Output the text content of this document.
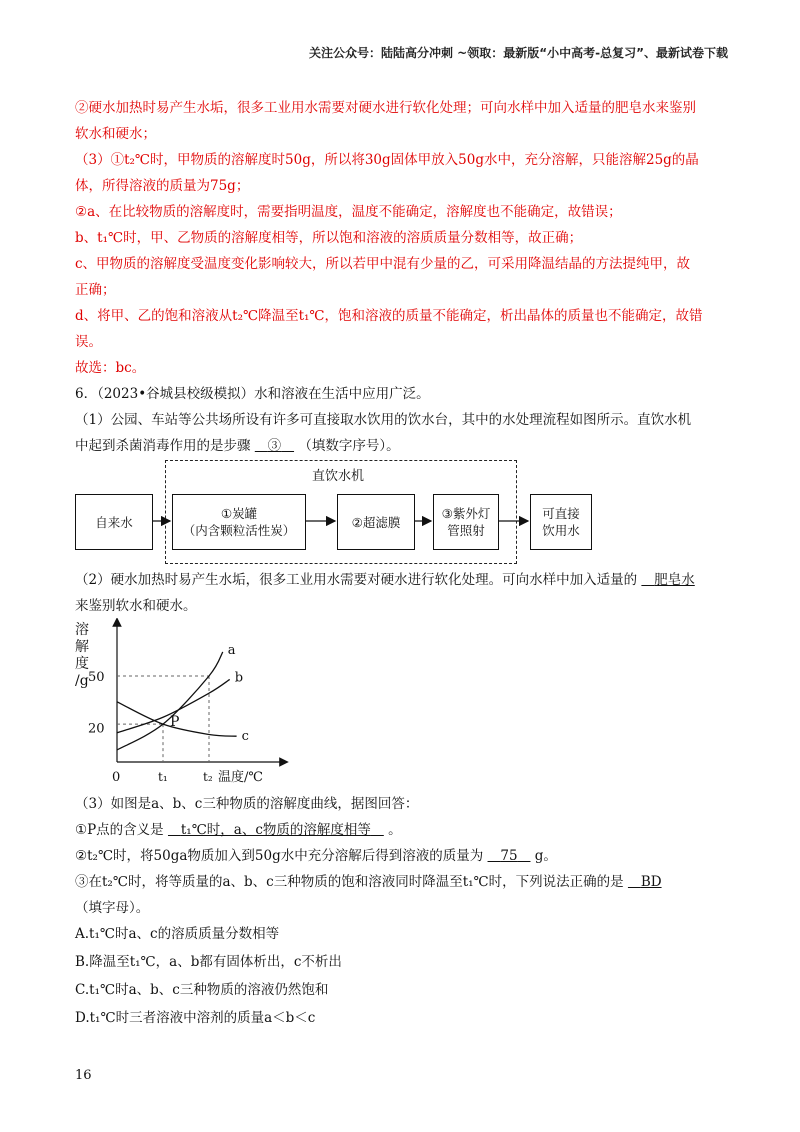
关注公众号：陆陆高分冲刺 ~领取：最新版“小中高考-总复习”、最新试卷下载
②硬水加热时易产生水垢，很多工业用水需要对硬水进行软化处理；可向水样中加入适量的肥皂水来鉴别
软水和硬水；
（3）①t₂℃时，甲物质的溶解度时50g，所以将30g固体甲放入50g水中，充分溶解，只能溶解25g的晶
体，所得溶液的质量为75g；
②a、在比较物质的溶解度时，需要指明温度，温度不能确定，溶解度也不能确定，故错误；
b、t₁℃时，甲、乙物质的溶解度相等，所以饱和溶液的溶质质量分数相等，故正确；
c、甲物质的溶解度受温度变化影响较大，所以若甲中混有少量的乙，可采用降温结晶的方法提纯甲，故
正确；
d、将甲、乙的饱和溶液从t₂℃降温至t₁℃，饱和溶液的质量不能确定，析出晶体的质量也不能确定，故错
误。
故选：bc。
6．（2023•谷城县校级模拟）水和溶液在生活中应用广泛。
（1）公园、车站等公共场所设有许多可直接取水饮用的饮水台，其中的水处理流程如图所示。直饮水机
中起到杀菌消毒作用的是步骤 ③ （填数字序号）。
直饮水机
自来水
①炭罐
（内含颗粒活性炭）
②超滤膜
③紫外灯
管照射
可直接
饮用水
（2）硬水加热时易产生水垢，很多工业用水需要对硬水进行软化处理。可向水样中加入适量的 肥皂水
来鉴别软水和硬水。
溶
解
度
/g 50
20
0	t₁	t₂ 温度/℃
a
b
c
P
（3）如图是a、b、c三种物质的溶解度曲线，据图回答：
①P点的含义是 t₁℃时，a、c物质的溶解度相等 。
②t₂℃时，将50ga物质加入到50g水中充分溶解后得到溶液的质量为 75 g。
③在t₂℃时，将等质量的a、b、c三种物质的饱和溶液同时降温至t₁℃时，下列说法正确的是 BD
（填字母）。
A.t₁℃时a、c的溶质质量分数相等
B.降温至t₁℃，a、b都有固体析出，c不析出
C.t₁℃时a、b、c三种物质的溶液仍然饱和
D.t₁℃时三者溶液中溶剂的质量a＜b＜c
16
